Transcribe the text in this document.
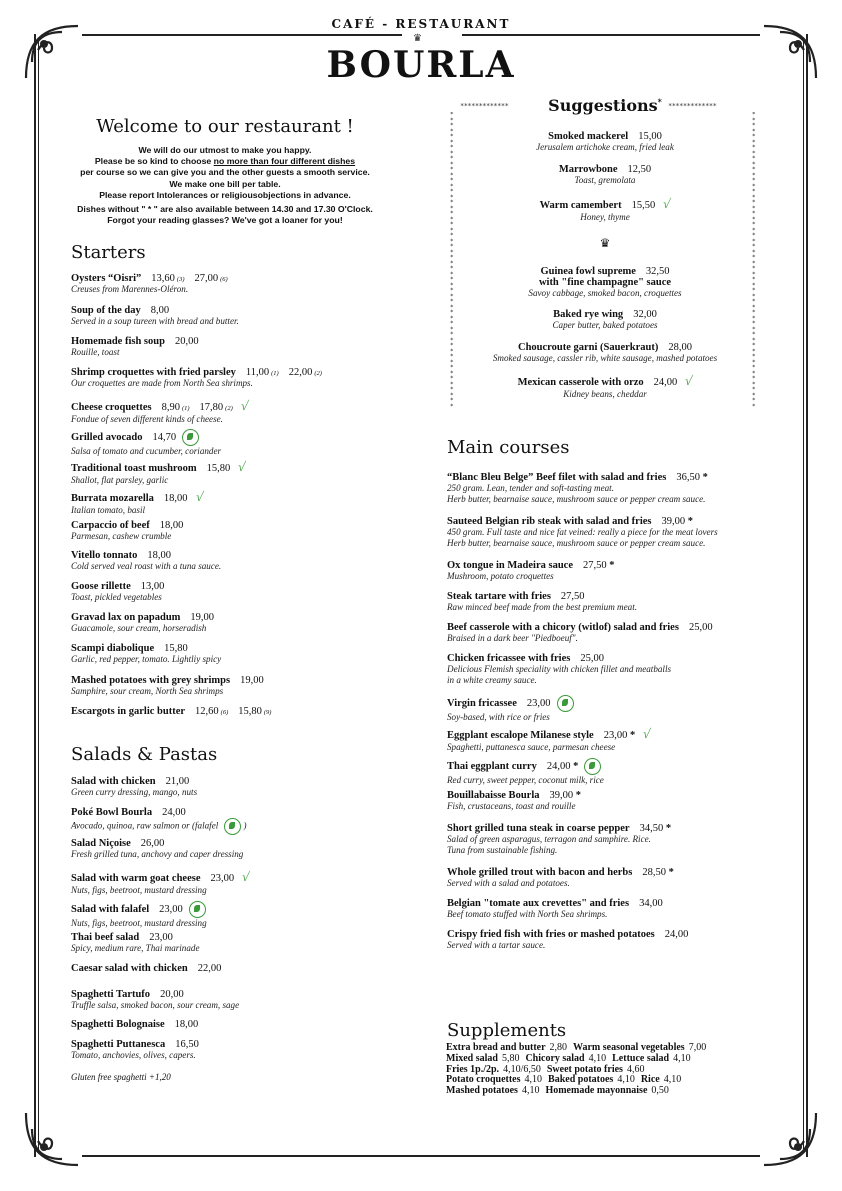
CAFÉ - RESTAURANT
♛
BOURLA
Welcome to our restaurant !

We will do our utmost to make you happy.
Please be so kind to choose no more than four different dishes
per course so we can give you and the other guests a smooth service.
We make one bill per table.
Please report Intolerances or religiousobjections in advance.

Dishes without " * " are also available between 14.30 and 17.30 O'Clock.
Forgot your reading glasses? We've got a loaner for you!

Starters
Oysters “Oisri” 13,60 (3) 27,00 (6)
Creuses from Marennes-Oléron.
Soup of the day 8,00
Served in a soup tureen with bread and butter.
Homemade fish soup 20,00
Rouille, toast
Shrimp croquettes with fried parsley 11,00 (1) 22,00 (2)
Our croquettes are made from North Sea shrimps.
Cheese croquettes 8,90 (1) 17,80 (2) √
Fondue of seven different kinds of cheese.
Grilled avocado 14,70
Salsa of tomato and cucumber, coriander
Traditional toast mushroom 15,80 √
Shallot, flat parsley, garlic
Burrata mozarella 18,00 √
Italian tomato, basil
Carpaccio of beef 18,00
Parmesan, cashew crumble
Vitello tonnato 18,00
Cold served veal roast with a tuna sauce.
Goose rillette 13,00
Toast, pickled vegetables
Gravad lax on papadum 19,00
Guacamole, sour cream, horseradish
Scampi diabolique 15,80
Garlic, red pepper, tomato. Lightliy spicy
Mashed potatoes with grey shrimps 19,00
Samphire, sour cream, North Sea shrimps
Escargots in garlic butter 12,60 (6) 15,80 (9)
Salads & Pastas
Salad with chicken 21,00
Green curry dressing, mango, nuts
Poké Bowl Bourla 24,00
Avocado, quinoa, raw salmon or (falafel	)
Salad Niçoise 26,00
Fresh grilled tuna, anchovy and caper dressing
Salad with warm goat cheese 23,00 √
Nuts, figs, beetroot, mustard dressing
Salad with falafel 23,00
Nuts, figs, beetroot, mustard dressing
Thai beef salad 23,00
Spicy, medium rare, Thai marinade
Caesar salad with chicken 22,00
Spaghetti Tartufo 20,00
Truffle salsa, smoked bacon, sour cream, sage
Spaghetti Bolognaise 18,00
Spaghetti Puttanesca 16,50
Tomato, anchovies, olives, capers.
Gluten free spaghetti +1,20
*************	Suggestions* *************
******************************************************
******************************************************
♛
Smoked mackerel 15,00
Jerusalem artichoke cream, fried leak
Marrowbone 12,50
Toast, gremolata
Warm camembert 15,50 √
Honey, thyme
Guinea fowl supreme 32,50
with "fine champagne" sauce
Savoy cabbage, smoked bacon, croquettes
Baked rye wing 32,00
Caper butter, baked potatoes
Choucroute garni (Sauerkraut) 28,00
Smoked sausage, cassler rib, white sausage, mashed potatoes
Mexican casserole with orzo 24,00 √
Kidney beans, cheddar
Main courses
“Blanc Bleu Belge” Beef filet with salad and fries 36,50 *
250 gram. Lean, tender and soft-tasting meat.
Herb butter, bearnaise sauce, mushroom sauce or pepper cream sauce.
Sauteed Belgian rib steak with salad and fries 39,00 *
450 gram. Full taste and nice fat veined: really a piece for the meat lovers
Herb butter, bearnaise sauce, mushroom sauce or pepper cream sauce.
Ox tongue in Madeira sauce 27,50 *
Mushroom, potato croquettes
Steak tartare with fries 27,50
Raw minced beef made from the best premium meat.
Beef casserole with a chicory (witlof) salad and fries 25,00
Braised in a dark beer "Piedboeuf".
Chicken fricassee with fries 25,00
Delicious Flemish speciality with chicken fillet and meatballs
in a white creamy sauce.
Virgin fricassee 23,00
Soy-based, with rice or fries
Eggplant escalope Milanese style 23,00 * √
Spaghetti, puttanesca sauce, parmesan cheese
Thai eggplant curry 24,00 *
Red curry, sweet pepper, coconut milk, rice
Bouillabaisse Bourla 39,00 *
Fish, crustaceans, toast and rouille
Short grilled tuna steak in coarse pepper 34,50 *
Salad of green asparagus, terragon and samphire. Rice.
Tuna from sustainable fishing.
Whole grilled trout with bacon and herbs 28,50 *
Served with a salad and potatoes.
Belgian "tomate aux crevettes" and fries 34,00
Beef tomato stuffed with North Sea shrimps.
Crispy fried fish with fries or mashed potatoes 24,00
Served with a tartar sauce.
Supplements
Extra bread and butter 2,80 Warm seasonal vegetables 7,00
Mixed salad 5,80 Chicory salad 4,10 Lettuce salad 4,10
Fries 1p./2p. 4,10/6,50 Sweet potato fries 4,60
Potato croquettes 4,10 Baked potatoes 4,10 Rice 4,10
Mashed potatoes 4,10 Homemade mayonnaise 0,50
